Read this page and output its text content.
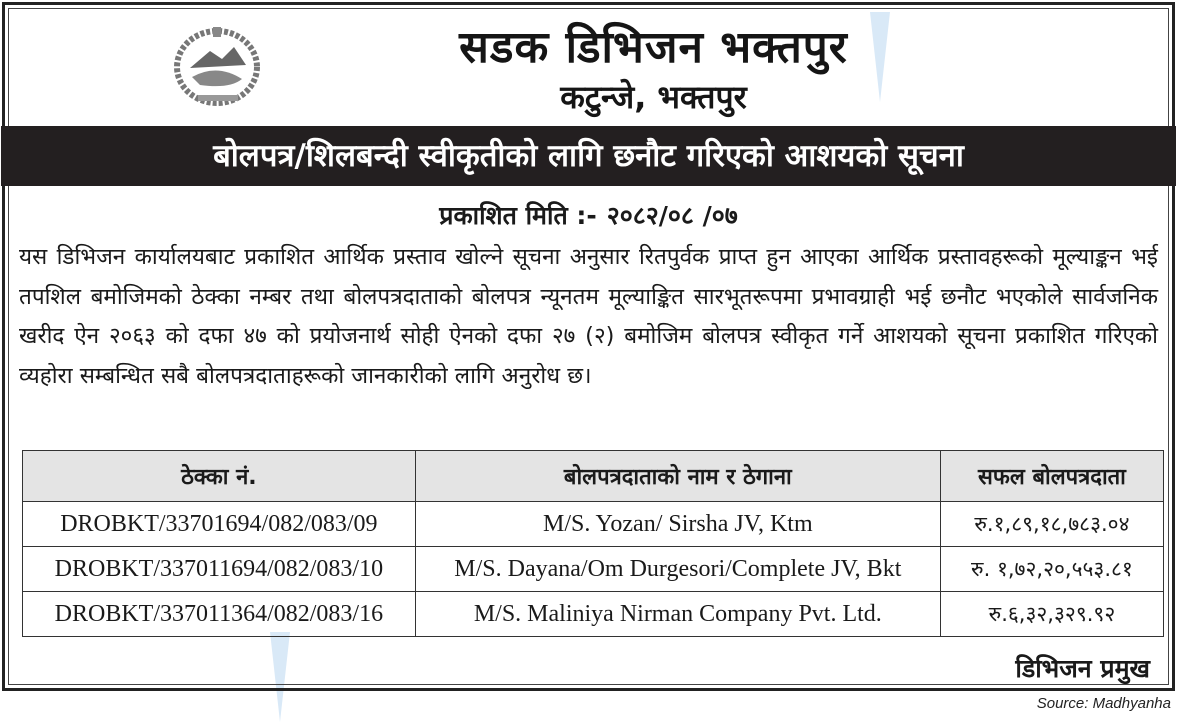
सडक डिभिजन भक्तपुर
कटुन्जे, भक्तपुर
बोलपत्र/शिलबन्दी स्वीकृतीको लागि छनौट गरिएको आशयको सूचना
प्रकाशित मिति :- २०८२/०८ /०७
यस डिभिजन कार्यालयबाट प्रकाशित आर्थिक प्रस्ताव खोल्ने सूचना अनुसार रितपुर्वक प्राप्त हुन आएका आर्थिक प्रस्तावहरूको मूल्याङ्कन भई तपशिल बमोजिमको ठेक्का नम्बर तथा बोलपत्रदाताको बोलपत्र न्यूनतम मूल्याङ्कित सारभूतरूपमा प्रभावग्राही भई छनौट भएकोले सार्वजनिक खरीद ऐन २०६३ को दफा ४७ को प्रयोजनार्थ सोही ऐनको दफा २७ (२) बमोजिम बोलपत्र स्वीकृत गर्ने आशयको सूचना प्रकाशित गरिएको व्यहोरा सम्बन्धित सबै बोलपत्रदाताहरूको जानकारीको लागि अनुरोध छ।
ठेक्का नं.	बोलपत्रदाताको नाम र ठेगाना	सफल बोलपत्रदाता
DROBKT/33701694/082/083/09	M/S. Yozan/ Sirsha JV, Ktm	रु.१,८९,१८,७८३.०४
DROBKT/337011694/082/083/10	M/S. Dayana/Om Durgesori/Complete JV, Bkt	रु. १,७२,२०,५५३.८१
DROBKT/337011364/082/083/16	M/S. Maliniya Nirman Company Pvt. Ltd.	रु.६,३२,३२९.९२
डिभिजन प्रमुख
Source: Madhyanha
